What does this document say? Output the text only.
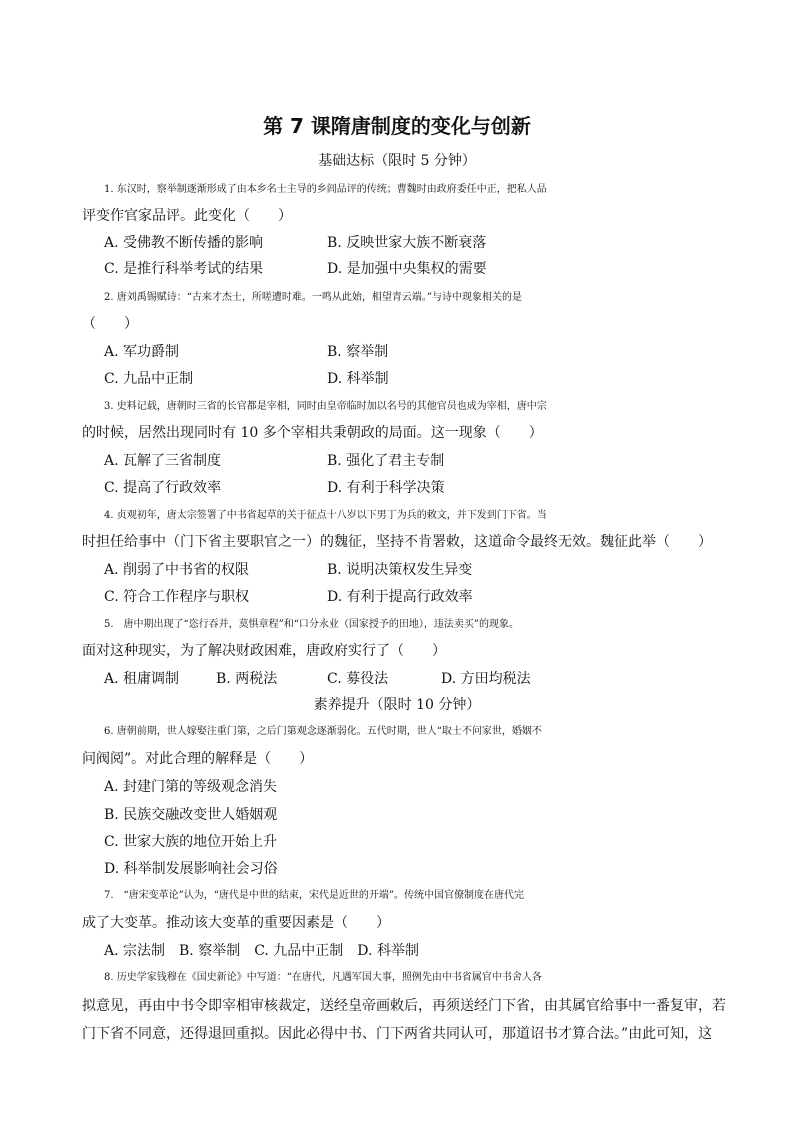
第 7 课隋唐制度的变化与创新
基础达标（限时 5 分钟）
1. 东汉时，察举制逐渐形成了由本乡名士主导的乡闾品评的传统；曹魏时由政府委任中正，把私人品
评变作官家品评。此变化（　　）
A. 受佛教不断传播的影响	B. 反映世家大族不断衰落
C. 是推行科举考试的结果	D. 是加强中央集权的需要
2. 唐刘禹锡赋诗：“古来才杰士，所嗟遭时难。一鸣从此始，相望青云端。”与诗中现象相关的是
（　　）
A. 军功爵制	B. 察举制
C. 九品中正制	D. 科举制
3. 史料记载，唐朝时三省的长官都是宰相，同时由皇帝临时加以名号的其他官员也成为宰相，唐中宗
的时候，居然出现同时有 10 多个宰相共秉朝政的局面。这一现象（　　）
A. 瓦解了三省制度	B. 强化了君主专制
C. 提高了行政效率	D. 有利于科学决策
4. 贞观初年，唐太宗签署了中书省起草的关于征点十八岁以下男丁为兵的敕文，并下发到门下省。当
时担任给事中（门下省主要职官之一）的魏征，坚持不肯署敕，这道命令最终无效。魏征此举（　　）
A. 削弱了中书省的权限	B. 说明决策权发生异变
C. 符合工作程序与职权	D. 有利于提高行政效率
5.　唐中期出现了“恣行吞并，莫惧章程”和“口分永业（国家授予的田地），违法卖买”的现象。
面对这种现实，为了解决财政困难，唐政府实行了（　　）
A. 租庸调制	B. 两税法	C. 募役法	D. 方田均税法
素养提升（限时 10 分钟）
6. 唐朝前期，世人嫁娶注重门第，之后门第观念逐渐弱化。五代时期，世人“取士不问家世，婚姻不
问阀阅”。对此合理的解释是（　　）
A. 封建门第的等级观念消失
B. 民族交融改变世人婚姻观
C. 世家大族的地位开始上升
D. 科举制发展影响社会习俗
7.　“唐宋变革论”认为，“唐代是中世的结束，宋代是近世的开端”。传统中国官僚制度在唐代完
成了大变革。推动该大变革的重要因素是（　　）
A. 宗法制　B. 察举制　C. 九品中正制　D. 科举制
8. 历史学家钱穆在《国史新论》中写道：“在唐代，凡遇军国大事，照例先由中书省属官中书舍人各
拟意见，再由中书令即宰相审核裁定，送经皇帝画敕后，再须送经门下省，由其属官给事中一番复审，若
门下省不同意，还得退回重拟。因此必得中书、门下两省共同认可，那道诏书才算合法。”由此可知，这
